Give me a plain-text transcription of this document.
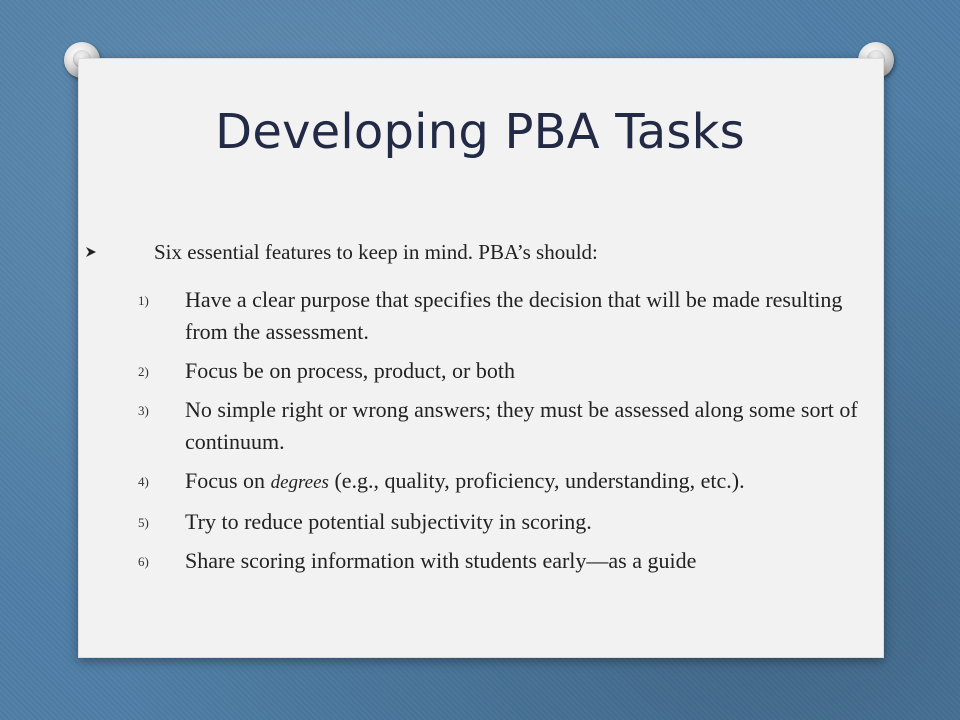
Developing PBA Tasks
Six essential features to keep in mind. PBA’s should:
1) Have a clear purpose that specifies the decision that will be made resulting from the assessment.
2) Focus be on process, product, or both
3) No simple right or wrong answers; they must be assessed along some sort of continuum.
4) Focus on degrees (e.g., quality, proficiency, understanding, etc.).
5) Try to reduce potential subjectivity in scoring.
6) Share scoring information with students early—as a guide
